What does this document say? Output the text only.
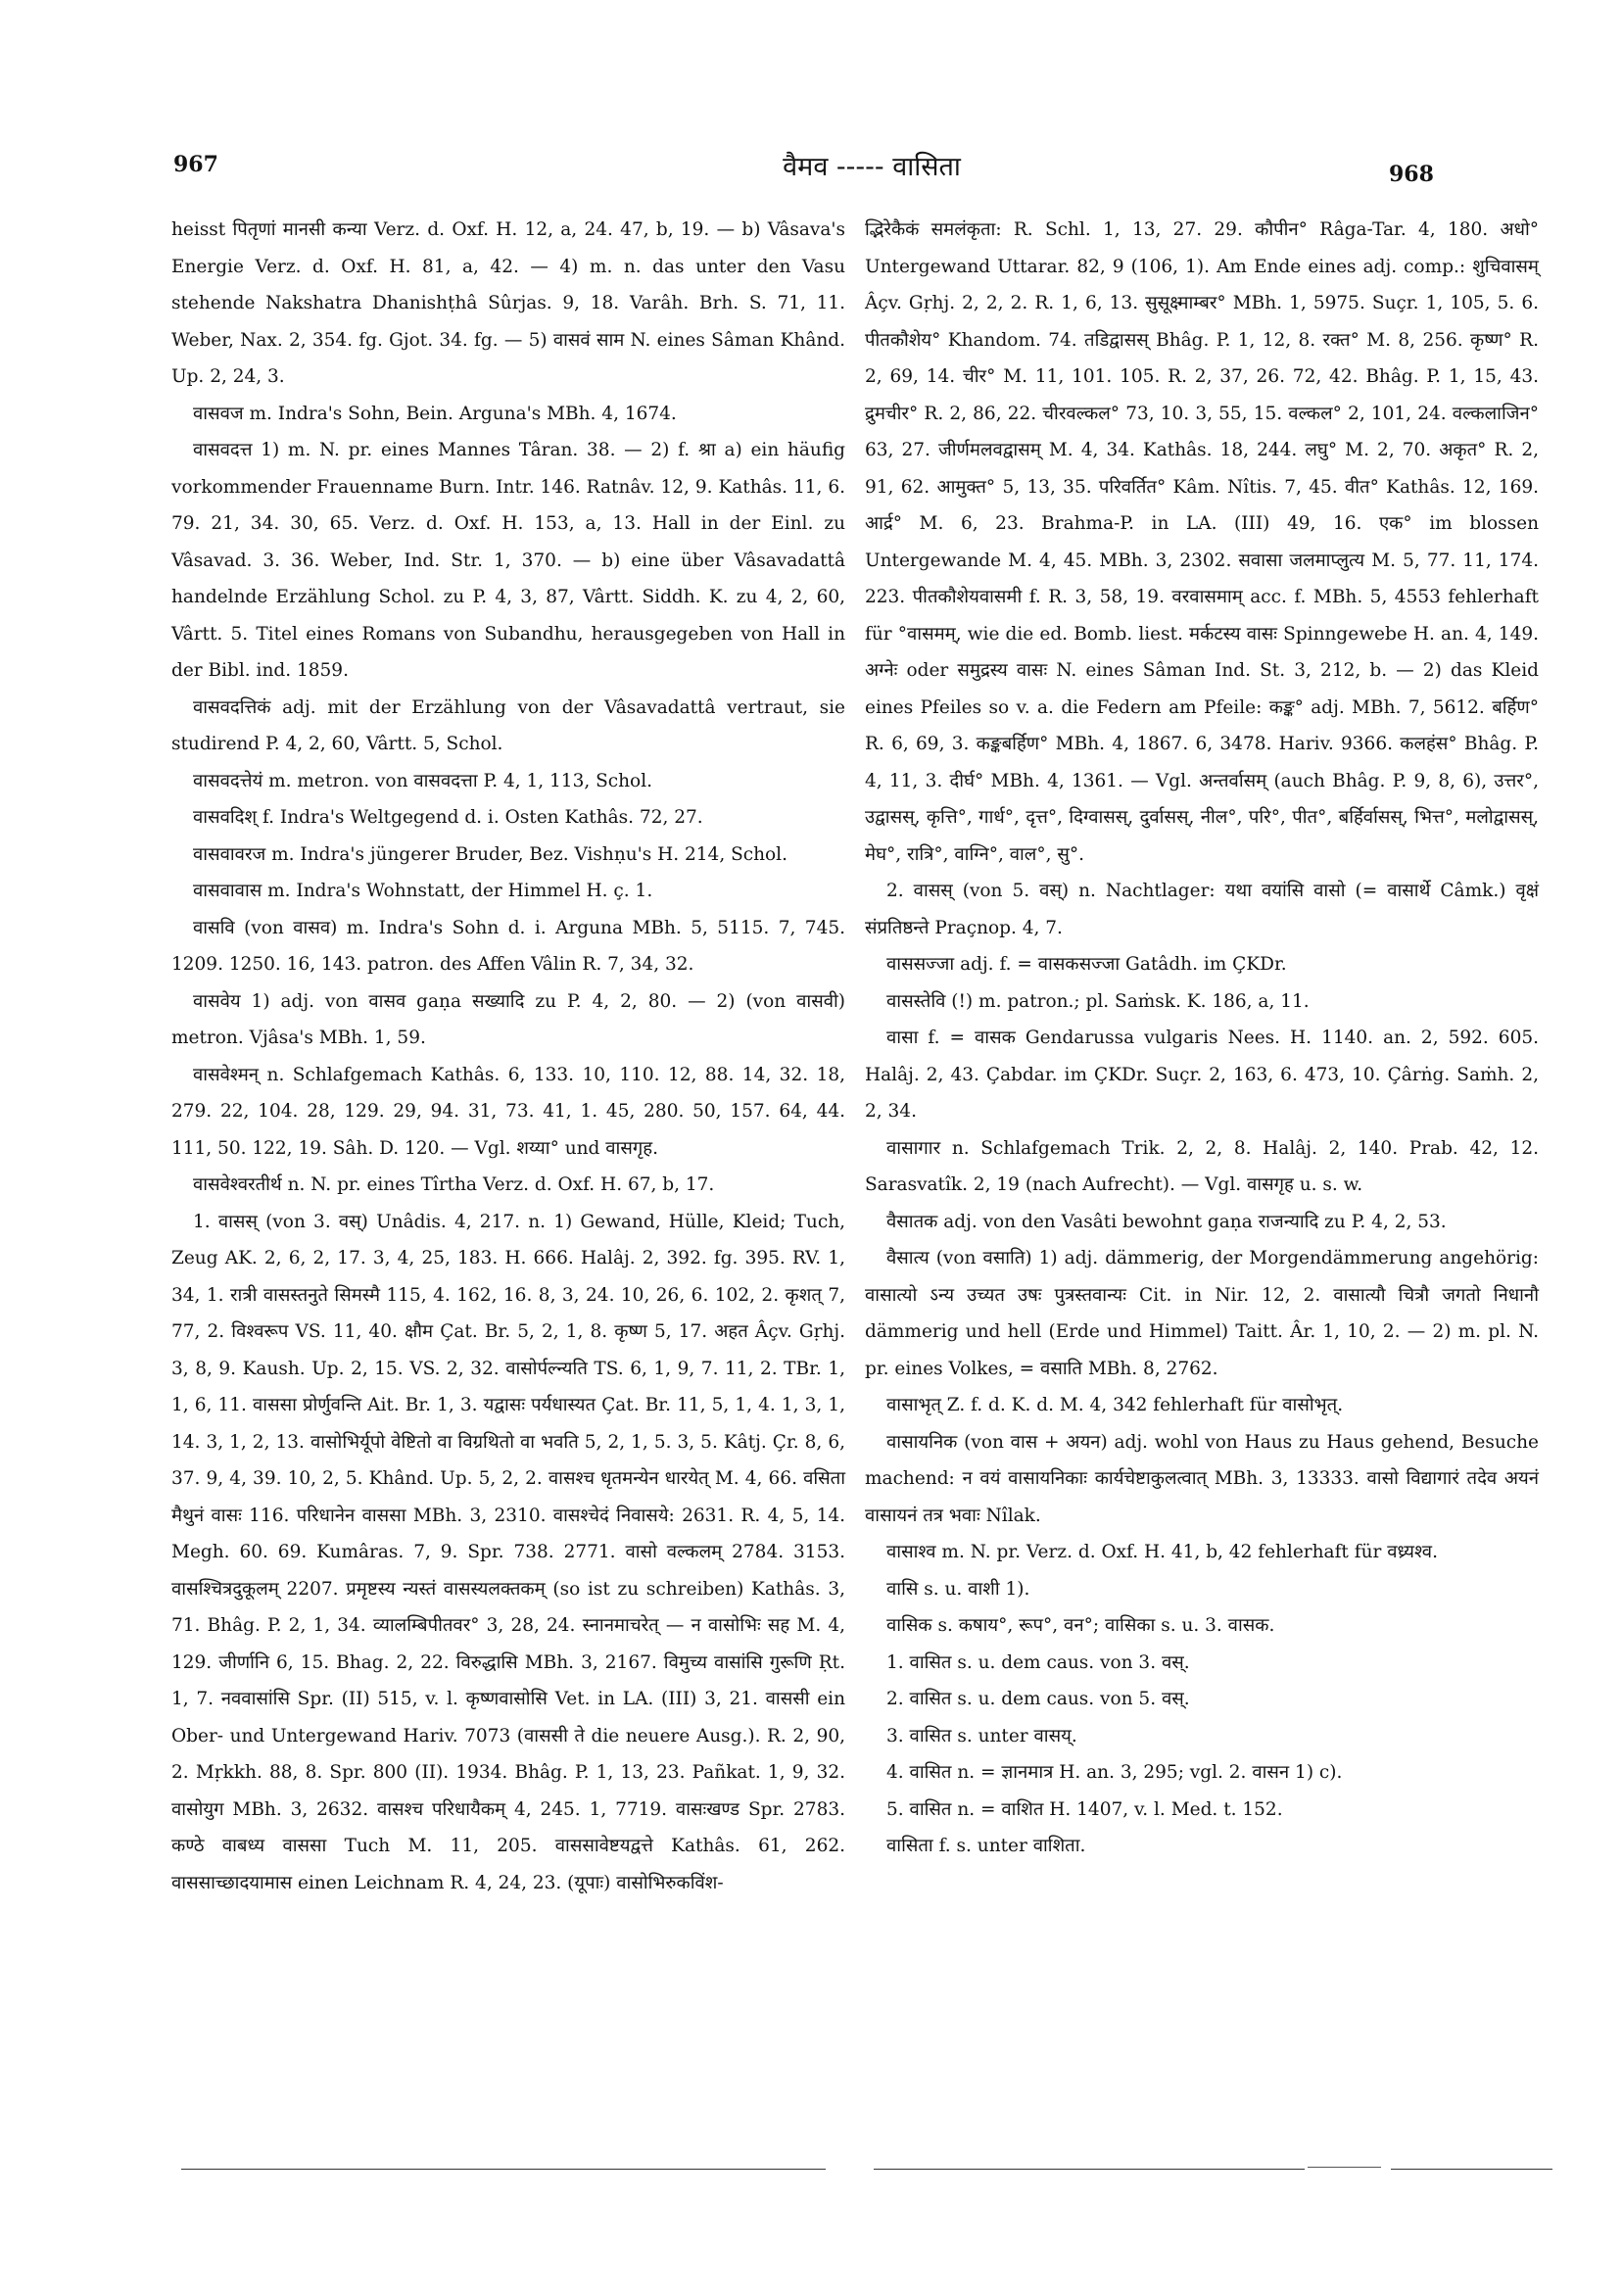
967	वैमव ----- वासिता	968

heisst पितृणां मानसी कन्या Verz. d. Oxf. H. 12, a, 24. 47, b, 19. — b) Vâsava's Energie Verz. d. Oxf. H. 81, a, 42. — 4) m. n. das unter den Vasu stehende Nakshatra Dhanishṭhâ Sûrjas. 9, 18. Varâh. Brh. S. 71, 11. Weber, Nax. 2, 354. fg. Gjot. 34. fg. — 5) वासवं साम N. eines Sâman Khând. Up. 2, 24, 3.

वासवज m. Indra's Sohn, Bein. Arguna's MBh. 4, 1674.

वासवदत्त 1) m. N. pr. eines Mannes Târan. 38. — 2) f. श्रा a) ein häufig vorkommender Frauenname Burn. Intr. 146. Ratnâv. 12, 9. Kathâs. 11, 6. 79. 21, 34. 30, 65. Verz. d. Oxf. H. 153, a, 13. Hall in der Einl. zu Vâsavad. 3. 36. Weber, Ind. Str. 1, 370. — b) eine über Vâsavadattâ handelnde Erzählung Schol. zu P. 4, 3, 87, Vârtt. Siddh. K. zu 4, 2, 60, Vârtt. 5. Titel eines Romans von Subandhu, herausgegeben von Hall in der Bibl. ind. 1859.

वासवदत्तिकं adj. mit der Erzählung von der Vâsavadattâ vertraut, sie studirend P. 4, 2, 60, Vârtt. 5, Schol.

वासवदत्तेयं m. metron. von वासवदत्ता P. 4, 1, 113, Schol.

वासवदिश् f. Indra's Weltgegend d. i. Osten Kathâs. 72, 27.

वासवावरज m. Indra's jüngerer Bruder, Bez. Vishṇu's H. 214, Schol.

वासवावास m. Indra's Wohnstatt, der Himmel H. ç. 1.

वासवि (von वासव) m. Indra's Sohn d. i. Arguna MBh. 5, 5115. 7, 745. 1209. 1250. 16, 143. patron. des Affen Vâlin R. 7, 34, 32.

वासवेय 1) adj. von वासव gaṇa सख्यादि zu P. 4, 2, 80. — 2) (von वासवी) metron. Vjâsa's MBh. 1, 59.

वासवेश्मन् n. Schlafgemach Kathâs. 6, 133. 10, 110. 12, 88. 14, 32. 18, 279. 22, 104. 28, 129. 29, 94. 31, 73. 41, 1. 45, 280. 50, 157. 64, 44. 111, 50. 122, 19. Sâh. D. 120. — Vgl. शय्या° und वासगृह.

वासवेश्वरतीर्थ n. N. pr. eines Tîrtha Verz. d. Oxf. H. 67, b, 17.

1. वासस् (von 3. वस्) Unâdis. 4, 217. n. 1) Gewand, Hülle, Kleid; Tuch, Zeug AK. 2, 6, 2, 17. 3, 4, 25, 183. H. 666. Halâj. 2, 392. fg. 395. RV. 1, 34, 1. रात्री वासस्तनुते सिमस्मै 115, 4. 162, 16. 8, 3, 24. 10, 26, 6. 102, 2. कृशत् 7, 77, 2. विश्वरूप VS. 11, 40. क्षौम Çat. Br. 5, 2, 1, 8. कृष्ण 5, 17. अहत Âçv. Gṛhj. 3, 8, 9. Kaush. Up. 2, 15. VS. 2, 32. वासोर्पल्न्यति TS. 6, 1, 9, 7. 11, 2. TBr. 1, 1, 6, 11. वाससा प्रोर्णुवन्ति Ait. Br. 1, 3. यद्वासः पर्यधास्यत Çat. Br. 11, 5, 1, 4. 1, 3, 1, 14. 3, 1, 2, 13. वासोभिर्यूपो वेष्टितो वा विग्रथितो वा भवति 5, 2, 1, 5. 3, 5. Kâtj. Çr. 8, 6, 37. 9, 4, 39. 10, 2, 5. Khând. Up. 5, 2, 2. वासश्च धृतमन्येन धारयेत् M. 4, 66. वसिता मैथुनं वासः 116. परिधानेन वाससा MBh. 3, 2310. वासश्चेदं निवासये: 2631. R. 4, 5, 14. Megh. 60. 69. Kumâras. 7, 9. Spr. 738. 2771. वासो वल्कलम् 2784. 3153. वासश्चित्रदुकूलम् 2207. प्रमृष्टस्य न्यस्तं वासस्यलक्तकम् (so ist zu schreiben) Kathâs. 3, 71. Bhâg. P. 2, 1, 34. व्यालम्बिपीतवर° 3, 28, 24. स्नानमाचरेत् — न वासोभिः सह M. 4, 129. जीर्णानि 6, 15. Bhag. 2, 22. विरुद्धासि MBh. 3, 2167. विमुच्य वासांसि गुरूणि Ṛt. 1, 7. नववासांसि Spr. (II) 515, v. l. कृष्णवासोसि Vet. in LA. (III) 3, 21. वाससी ein Ober- und Untergewand Hariv. 7073 (वाससी ते die neuere Ausg.). R. 2, 90, 2. Mṛkkh. 88, 8. Spr. 800 (II). 1934. Bhâg. P. 1, 13, 23. Pañkat. 1, 9, 32. वासोयुग MBh. 3, 2632. वासश्च परिधायैकम् 4, 245. 1, 7719. वासःखण्ड Spr. 2783. कण्ठे वाबध्य वाससा Tuch M. 11, 205. वाससावेष्टयद्वत्ते Kathâs. 61, 262. वाससाच्छादयामास einen Leichnam R. 4, 24, 23. (यूपाः) वासोभिरुकविंश-

द्भिरेकैकं समलंकृता: R. Schl. 1, 13, 27. 29. कौपीन° Râga-Tar. 4, 180. अधो° Untergewand Uttarar. 82, 9 (106, 1). Am Ende eines adj. comp.: शुचिवासम् Âçv. Gṛhj. 2, 2, 2. R. 1, 6, 13. सुसूक्ष्माम्बर° MBh. 1, 5975. Suçr. 1, 105, 5. 6. पीतकौशेय° Khandom. 74. तडिद्वासस् Bhâg. P. 1, 12, 8. रक्त° M. 8, 256. कृष्ण° R. 2, 69, 14. चीर° M. 11, 101. 105. R. 2, 37, 26. 72, 42. Bhâg. P. 1, 15, 43. द्रुमचीर° R. 2, 86, 22. चीरवल्कल° 73, 10. 3, 55, 15. वल्कल° 2, 101, 24. वल्कलाजिन° 63, 27. जीर्णमलवद्वासम् M. 4, 34. Kathâs. 18, 244. लघु° M. 2, 70. अकृत° R. 2, 91, 62. आमुक्त° 5, 13, 35. परिवर्तित° Kâm. Nîtis. 7, 45. वीत° Kathâs. 12, 169. आर्द्र° M. 6, 23. Brahma-P. in LA. (III) 49, 16. एक° im blossen Untergewande M. 4, 45. MBh. 3, 2302. सवासा जलमाप्लुत्य M. 5, 77. 11, 174. 223. पीतकौशेयवासमी f. R. 3, 58, 19. वरवासमाम् acc. f. MBh. 5, 4553 fehlerhaft für °वासमम्, wie die ed. Bomb. liest. मर्कटस्य वासः Spinngewebe H. an. 4, 149. अग्नेः oder समुद्रस्य वासः N. eines Sâman Ind. St. 3, 212, b. — 2) das Kleid eines Pfeiles so v. a. die Federn am Pfeile: कङ्क° adj. MBh. 7, 5612. बर्हिण° R. 6, 69, 3. कङ्कबर्हिण° MBh. 4, 1867. 6, 3478. Hariv. 9366. कलहंस° Bhâg. P. 4, 11, 3. दीर्घ° MBh. 4, 1361. — Vgl. अन्तर्वासम् (auch Bhâg. P. 9, 8, 6), उत्तर°, उद्वासस्, कृत्ति°, गार्ध°, दृत्त°, दिग्वासस्, दुर्वासस्, नील°, परि°, पीत°, बर्हिर्वासस्, भित्त°, मलोद्वासस्, मेघ°, रात्रि°, वाग्नि°, वाल°, सु°.

2. वासस् (von 5. वस्) n. Nachtlager: यथा वयांसि वासो (= वासार्थे Câmk.) वृक्षं संप्रतिष्ठन्ते Praçnop. 4, 7.

वाससज्जा adj. f. = वासकसज्जा Gatâdh. im ÇKDr.

वासस्तेवि (!) m. patron.; pl. Saṁsk. K. 186, a, 11.

वासा f. = वासक Gendarussa vulgaris Nees. H. 1140. an. 2, 592. 605. Halâj. 2, 43. Çabdar. im ÇKDr. Suçr. 2, 163, 6. 473, 10. Çârṅg. Saṁh. 2, 2, 34.

वासागार n. Schlafgemach Trik. 2, 2, 8. Halâj. 2, 140. Prab. 42, 12. Sarasvatîk. 2, 19 (nach Aufrecht). — Vgl. वासगृह u. s. w.

वैसातक adj. von den Vasâti bewohnt gaṇa राजन्यादि zu P. 4, 2, 53.

वैसात्य (von वसाति) 1) adj. dämmerig, der Morgendämmerung angehörig: वासात्यो ऽन्य उच्यत उषः पुत्रस्तवान्यः Cit. in Nir. 12, 2. वासात्यौ चित्रौ जगतो निधानौ dämmerig und hell (Erde und Himmel) Taitt. Âr. 1, 10, 2. — 2) m. pl. N. pr. eines Volkes, = वसाति MBh. 8, 2762.

वासाभृत् Z. f. d. K. d. M. 4, 342 fehlerhaft für वासोभृत्.

वासायनिक (von वास + अयन) adj. wohl von Haus zu Haus gehend, Besuche machend: न वयं वासायनिकाः कार्यचेष्टाकुलत्वात् MBh. 3, 13333. वासो विद्यागारं तदेव अयनं वासायनं तत्र भवाः Nîlak.

वासाश्व m. N. pr. Verz. d. Oxf. H. 41, b, 42 fehlerhaft für वध्र्यश्व.

वासि s. u. वाशी 1).

वासिक s. कषाय°, रूप°, वन°; वासिका s. u. 3. वासक.

1. वासित s. u. dem caus. von 3. वस्.

2. वासित s. u. dem caus. von 5. वस्.

3. वासित s. unter वासय्.

4. वासित n. = ज्ञानमात्र H. an. 3, 295; vgl. 2. वासन 1) c).

5. वासित n. = वाशित H. 1407, v. l. Med. t. 152.

वासिता f. s. unter वाशिता.
